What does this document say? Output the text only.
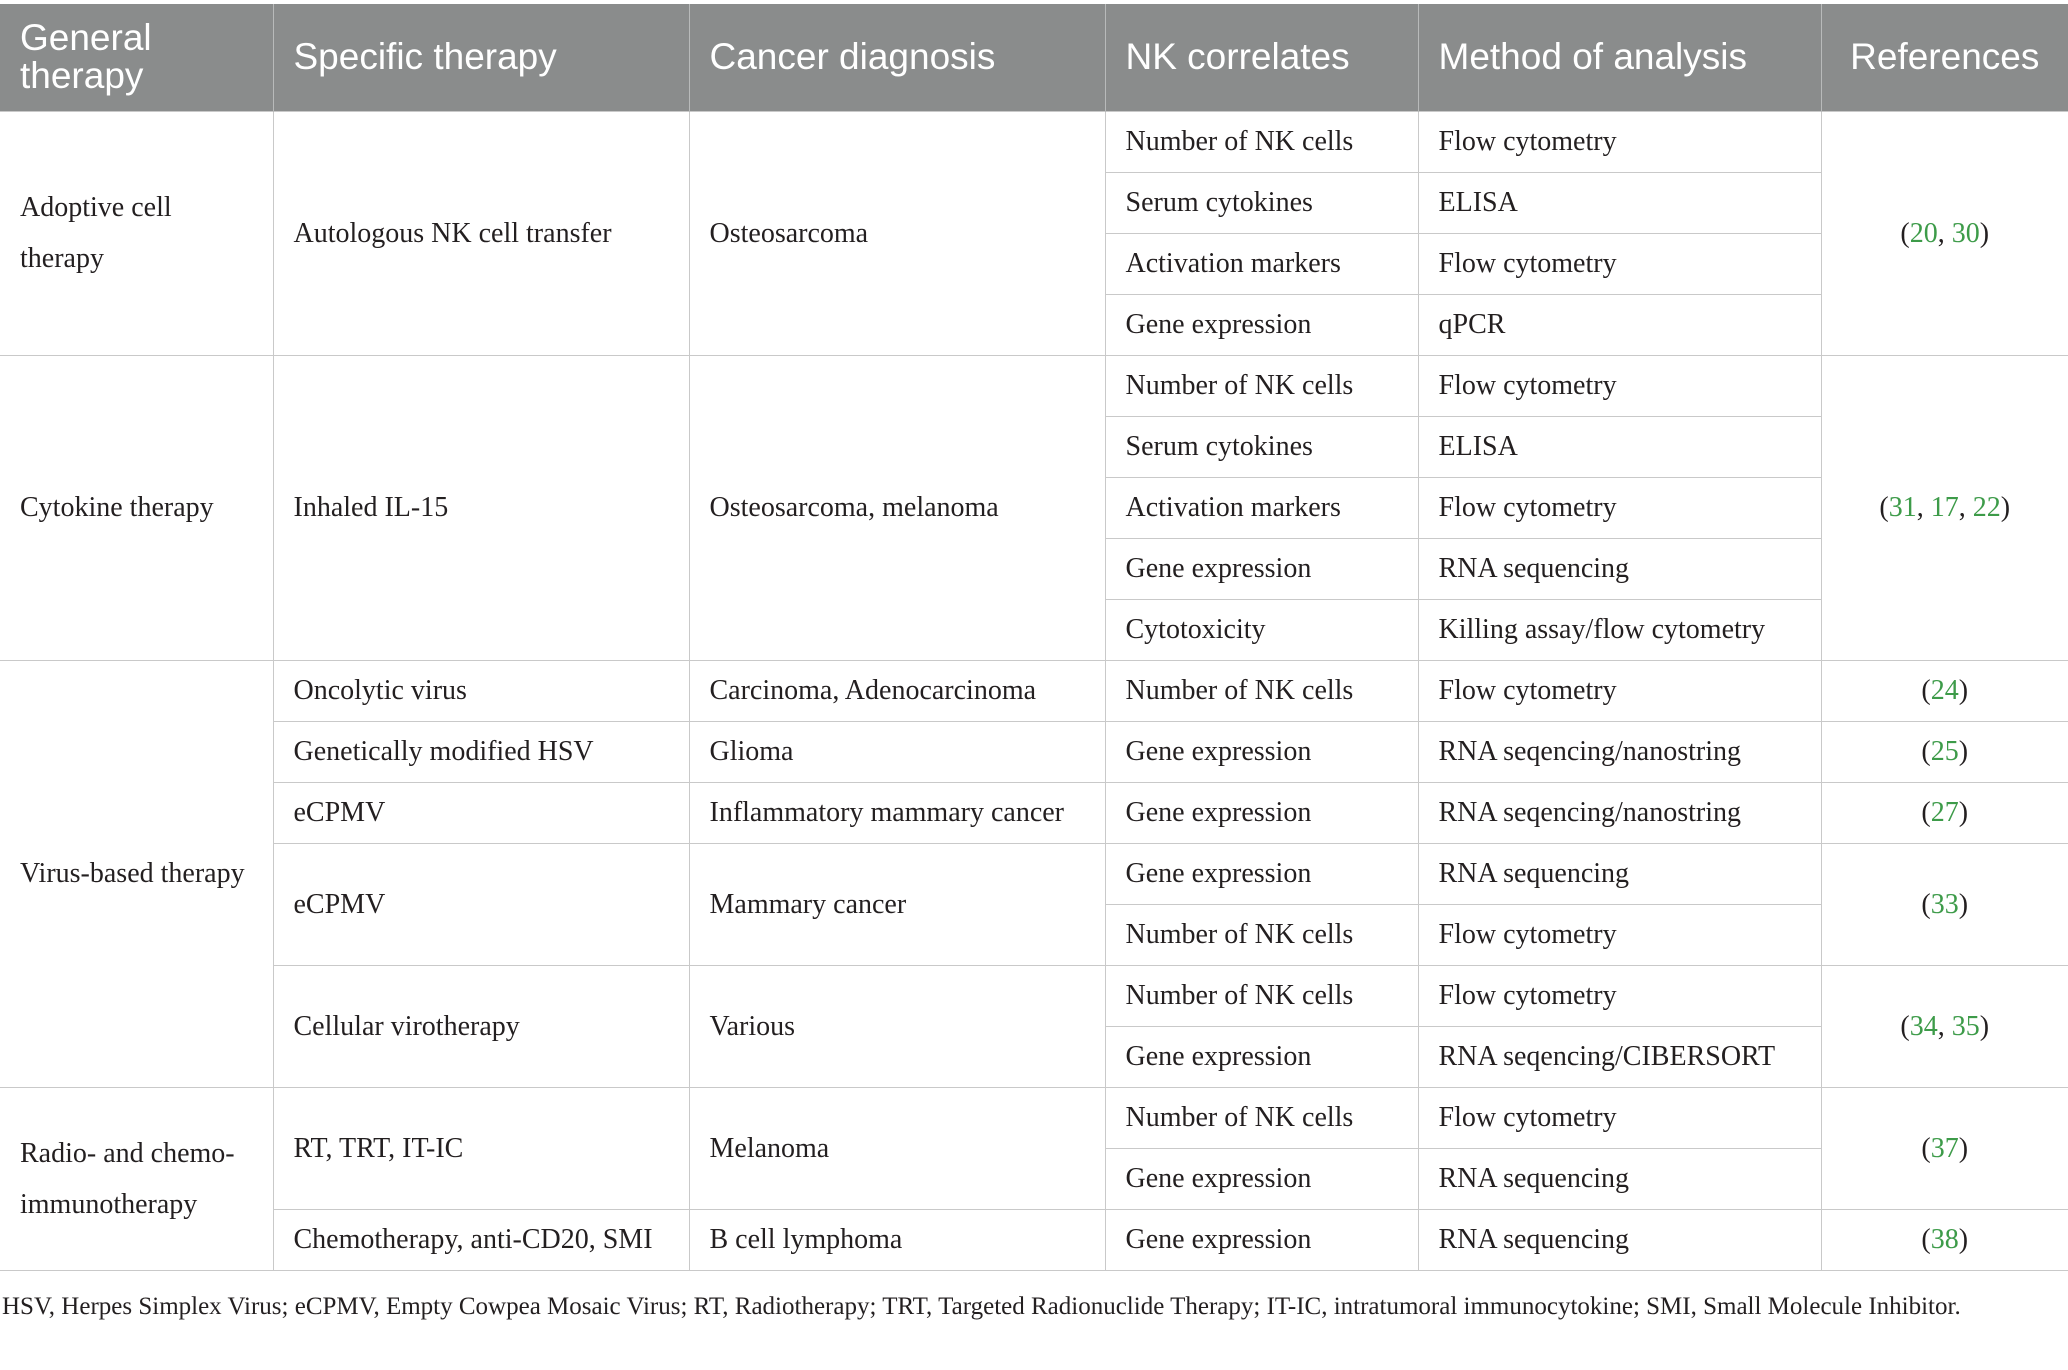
General therapy	Specific therapy	Cancer diagnosis	NK correlates	Method of analysis	References
Adoptive cell therapy	Autologous NK cell transfer	Osteosarcoma	Number of NK cells	Flow cytometry	(20, 30)
			Serum cytokines	ELISA	
			Activation markers	Flow cytometry	
			Gene expression	qPCR	
Cytokine therapy	Inhaled IL-15	Osteosarcoma, melanoma	Number of NK cells	Flow cytometry	(31, 17, 22)
			Serum cytokines	ELISA	
			Activation markers	Flow cytometry	
			Gene expression	RNA sequencing	
			Cytotoxicity	Killing assay/flow cytometry	
Virus-based therapy	Oncolytic virus	Carcinoma, Adenocarcinoma	Number of NK cells	Flow cytometry	(24)
	Genetically modified HSV	Glioma	Gene expression	RNA seqencing/nanostring	(25)
	eCPMV	Inflammatory mammary cancer	Gene expression	RNA seqencing/nanostring	(27)
	eCPMV	Mammary cancer	Gene expression	RNA sequencing	(33)
			Number of NK cells	Flow cytometry	
	Cellular virotherapy	Various	Number of NK cells	Flow cytometry	(34, 35)
			Gene expression	RNA seqencing/CIBERSORT	
Radio- and chemo-immunotherapy	RT, TRT, IT-IC	Melanoma	Number of NK cells	Flow cytometry	(37)
			Gene expression	RNA sequencing	
	Chemotherapy, anti-CD20, SMI	B cell lymphoma	Gene expression	RNA sequencing	(38)

HSV, Herpes Simplex Virus; eCPMV, Empty Cowpea Mosaic Virus; RT, Radiotherapy; TRT, Targeted Radionuclide Therapy; IT-IC, intratumoral immunocytokine; SMI, Small Molecule Inhibitor.
